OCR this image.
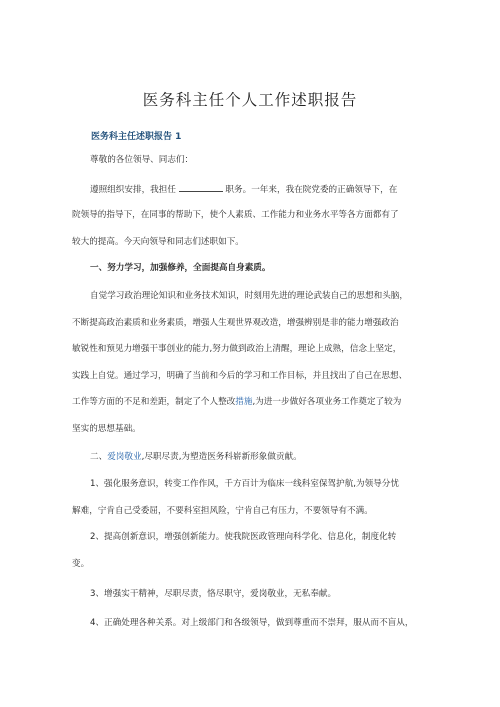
医务科主任个人工作述职报告
医务科主任述职报告 1
尊敬的各位领导、同志们：
遵照组织安排，我担任	职务。一年来，我在院党委的正确领导下，在
院领导的指导下，在同事的帮助下，使个人素质、工作能力和业务水平等各方面都有了
较大的提高。今天向领导和同志们述职如下。
一、努力学习，加强修养，全面提高自身素质。
自觉学习政治理论知识和业务技术知识，时刻用先进的理论武装自己的思想和头脑，
不断提高政治素质和业务素质，增强人生观世界观改造，增强辨别是非的能力增强政治
敏锐性和预见力增强干事创业的能力,努力做到政治上清醒，理论上成熟，信念上坚定，
实践上自觉。通过学习，明确了当前和今后的学习和工作目标，并且找出了自己在思想、
工作等方面的不足和差距，制定了个人整改措施,为进一步做好各项业务工作奠定了较为
坚实的思想基础。
二、爱岗敬业,尽职尽责,为塑造医务科崭新形象做贡献。
1、强化服务意识，转变工作作风，千方百计为临床一线科室保驾护航,为领导分忧
解难，宁肯自己受委屈，不要科室担风险，宁肯自己有压力，不要领导有不满。
2、提高创新意识，增强创新能力。使我院医政管理向科学化、信息化，制度化转
变。
3、增强实干精神，尽职尽责，恪尽职守，爱岗敬业，无私奉献。
4、正确处理各种关系。对上级部门和各级领导，做到尊重而不崇拜，服从而不盲从，
